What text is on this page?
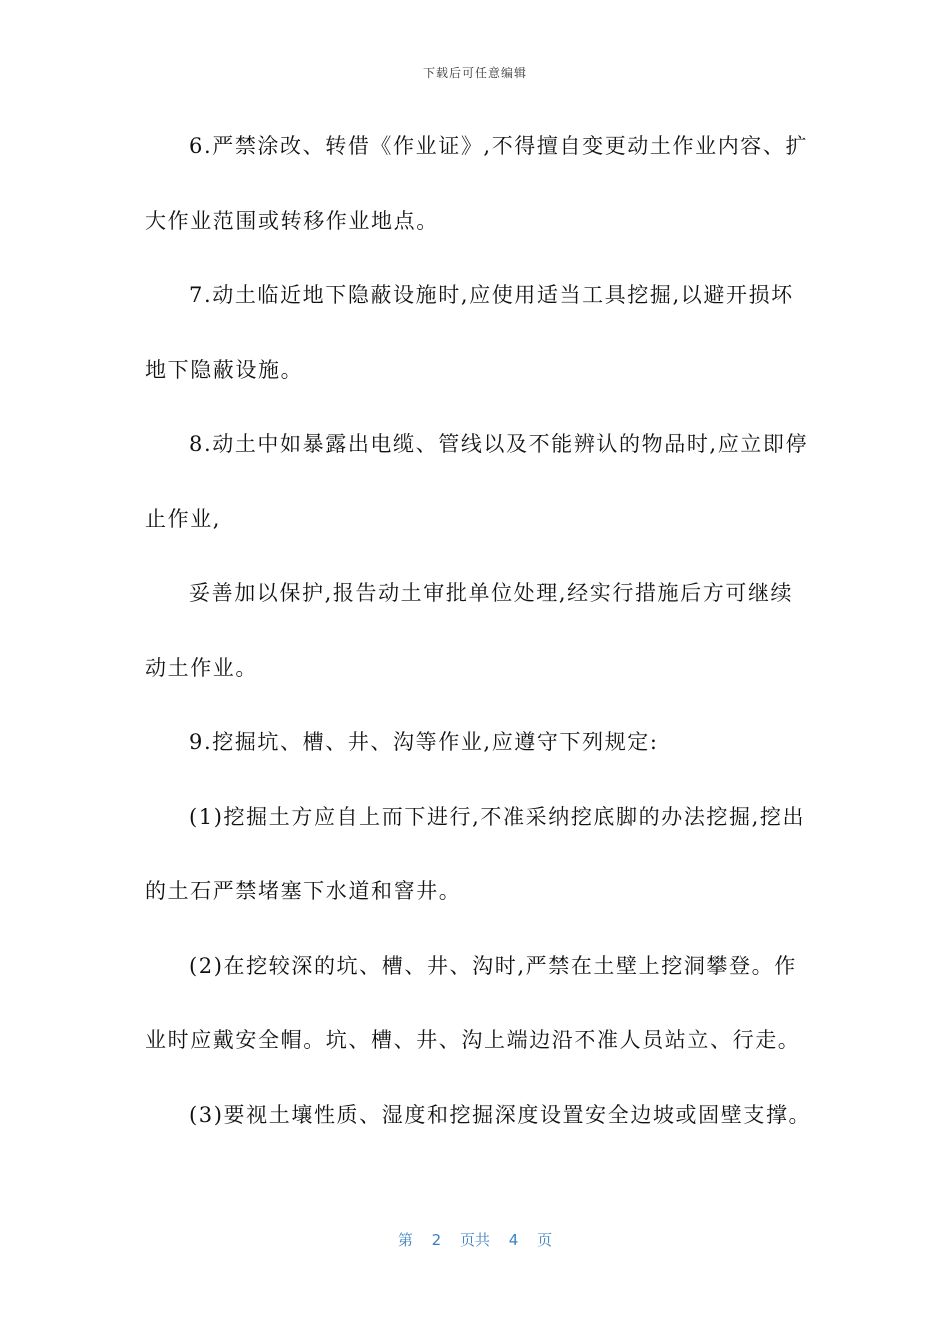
下载后可任意编辑
6.严禁涂改、转借《作业证》,不得擅自变更动土作业内容、扩
大作业范围或转移作业地点。
7.动土临近地下隐蔽设施时,应使用适当工具挖掘,以避开损坏
地下隐蔽设施。
8.动土中如暴露出电缆、管线以及不能辨认的物品时,应立即停
止作业,
妥善加以保护,报告动土审批单位处理,经实行措施后方可继续
动土作业。
9.挖掘坑、槽、井、沟等作业,应遵守下列规定:
(1)挖掘土方应自上而下进行,不准采纳挖底脚的办法挖掘,挖出
的土石严禁堵塞下水道和窨井。
(2)在挖较深的坑、槽、井、沟时,严禁在土壁上挖洞攀登。作
业时应戴安全帽。坑、槽、井、沟上端边沿不准人员站立、行走。
(3)要视土壤性质、湿度和挖掘深度设置安全边坡或固壁支撑。
第 2 页共 4 页
